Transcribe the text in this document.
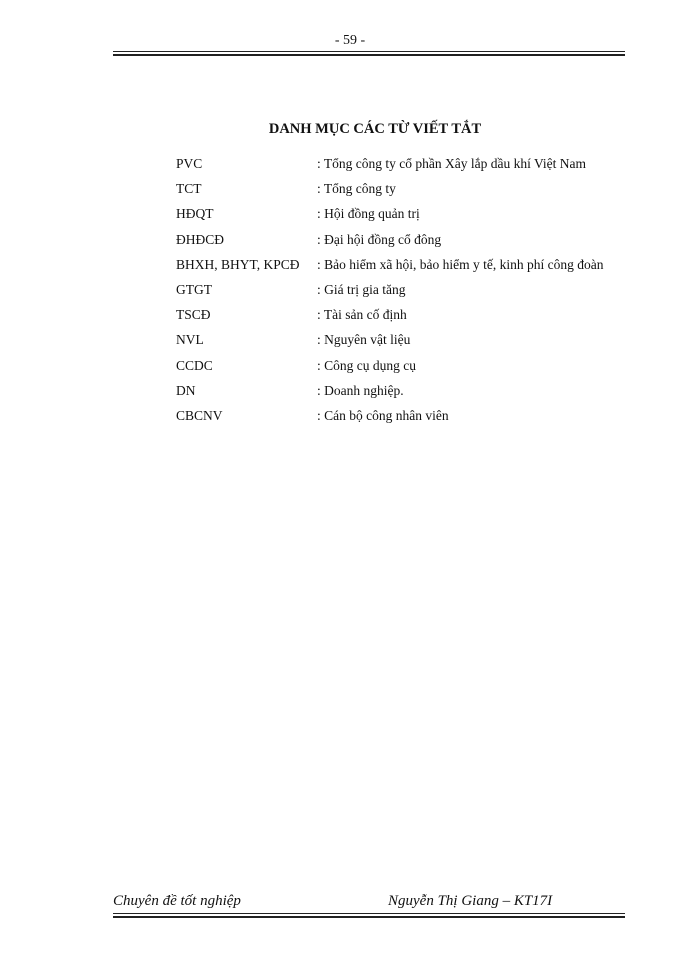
- 59 -
DANH MỤC CÁC TỪ VIẾT TẮT
PVC	: Tổng công ty cổ phần Xây lắp dầu khí Việt Nam
TCT	: Tổng công ty
HĐQT	: Hội đồng quản trị
ĐHĐCĐ	: Đại hội đồng cổ đông
BHXH, BHYT, KPCĐ : Bảo hiểm xã hội, bảo hiểm y tế, kinh phí công đoàn
GTGT	: Giá trị gia tăng
TSCĐ	: Tài sản cố định
NVL	: Nguyên vật liệu
CCDC	: Công cụ dụng cụ
DN	: Doanh nghiệp.
CBCNV	: Cán bộ công nhân viên
Chuyên đề tốt nghiệp	Nguyễn Thị Giang – KT17I
